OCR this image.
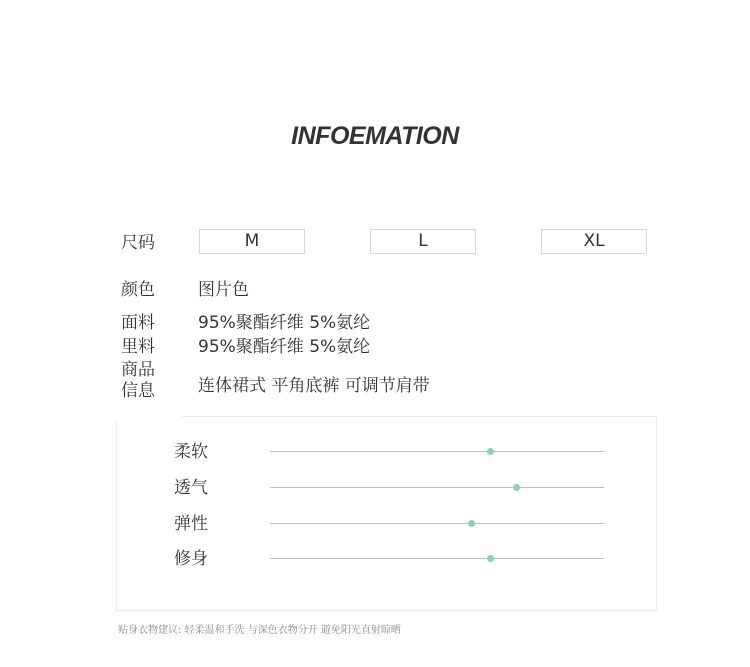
INFOEMATION
尺码	M	L	XL
颜色	图片色
面料	95%聚酯纤维 5%氨纶
里料	95%聚酯纤维 5%氨纶
商品
信息	连体裙式 平角底裤 可调节肩带
柔软
透气
弹性
修身
贴身衣物建议: 轻柔温和手洗 与深色衣物分开 避免阳光直射晾晒
